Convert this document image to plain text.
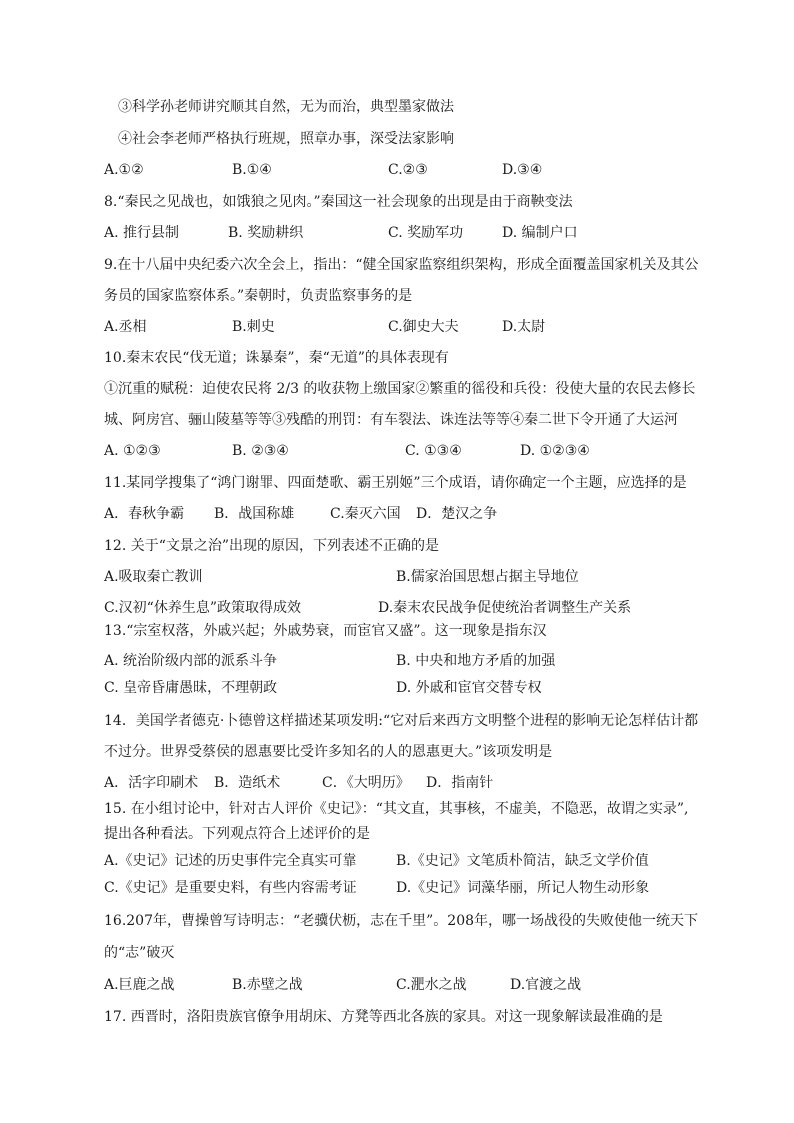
③科学孙老师讲究顺其自然，无为而治，典型墨家做法
④社会李老师严格执行班规，照章办事，深受法家影响
A.①②	B.①④	C.②③	D.③④
8.“秦民之见战也，如饿狼之见肉。”秦国这一社会现象的出现是由于商鞅变法
A. 推行县制	B. 奖励耕织	C. 奖励军功	D. 编制户口
9.在十八届中央纪委六次全会上，指出：“健全国家监察组织架构，形成全面覆盖国家机关及其公
务员的国家监察体系。”秦朝时，负责监察事务的是
A.丞相	B.刺史	C.御史大夫	D.太尉
10.秦末农民“伐无道；诛暴秦”，秦“无道”的具体表现有
①沉重的赋税：迫使农民将 2/3 的收获物上缴国家②繁重的徭役和兵役：役使大量的农民去修长
城、阿房宫、骊山陵墓等等③残酷的刑罚：有车裂法、诛连法等等④秦二世下令开通了大运河
A. ①②③	B. ②③④	C. ①③④	D. ①②③④
11.某同学搜集了“鸿门谢罪、四面楚歌、霸王别姬”三个成语，请你确定一个主题，应选择的是
A．春秋争霸 B．战国称雄	C.秦灭六国 D．楚汉之争
12. 关于“文景之治”出现的原因，下列表述不正确的是
A.吸取秦亡教训	B.儒家治国思想占据主导地位
C.汉初“休养生息”政策取得成效	D.秦末农民战争促使统治者调整生产关系
13.“宗室权落，外戚兴起；外戚势衰，而宦官又盛”。这一现象是指东汉
A. 统治阶级内部的派系斗争	B. 中央和地方矛盾的加强
C. 皇帝昏庸愚昧，不理朝政	D. 外戚和宦官交替专权
14．美国学者德克·卜德曾这样描述某项发明:“它对后来西方文明整个进程的影响无论怎样估计都
不过分。世界受蔡侯的恩惠要比受许多知名的人的恩惠更大。”该项发明是
A．活字印刷术 B．造纸术	C．《大明历》 D．指南针
15. 在小组讨论中，针对古人评价《史记》：“其文直，其事核，不虚美，不隐恶，故谓之实录”,
提出各种看法。下列观点符合上述评价的是
A.《史记》记述的历史事件完全真实可靠	B.《史记》文笔质朴简洁，缺乏文学价值
C.《史记》是重要史料，有些内容需考证	D.《史记》词藻华丽，所记人物生动形象
16.207年，曹操曾写诗明志：“老骥伏枥，志在千里”。208年，哪一场战役的失败使他一统天下
的“志”破灭
A.巨鹿之战	B.赤壁之战	C.淝水之战	D.官渡之战
17. 西晋时，洛阳贵族官僚争用胡床、方凳等西北各族的家具。对这一现象解读最准确的是
